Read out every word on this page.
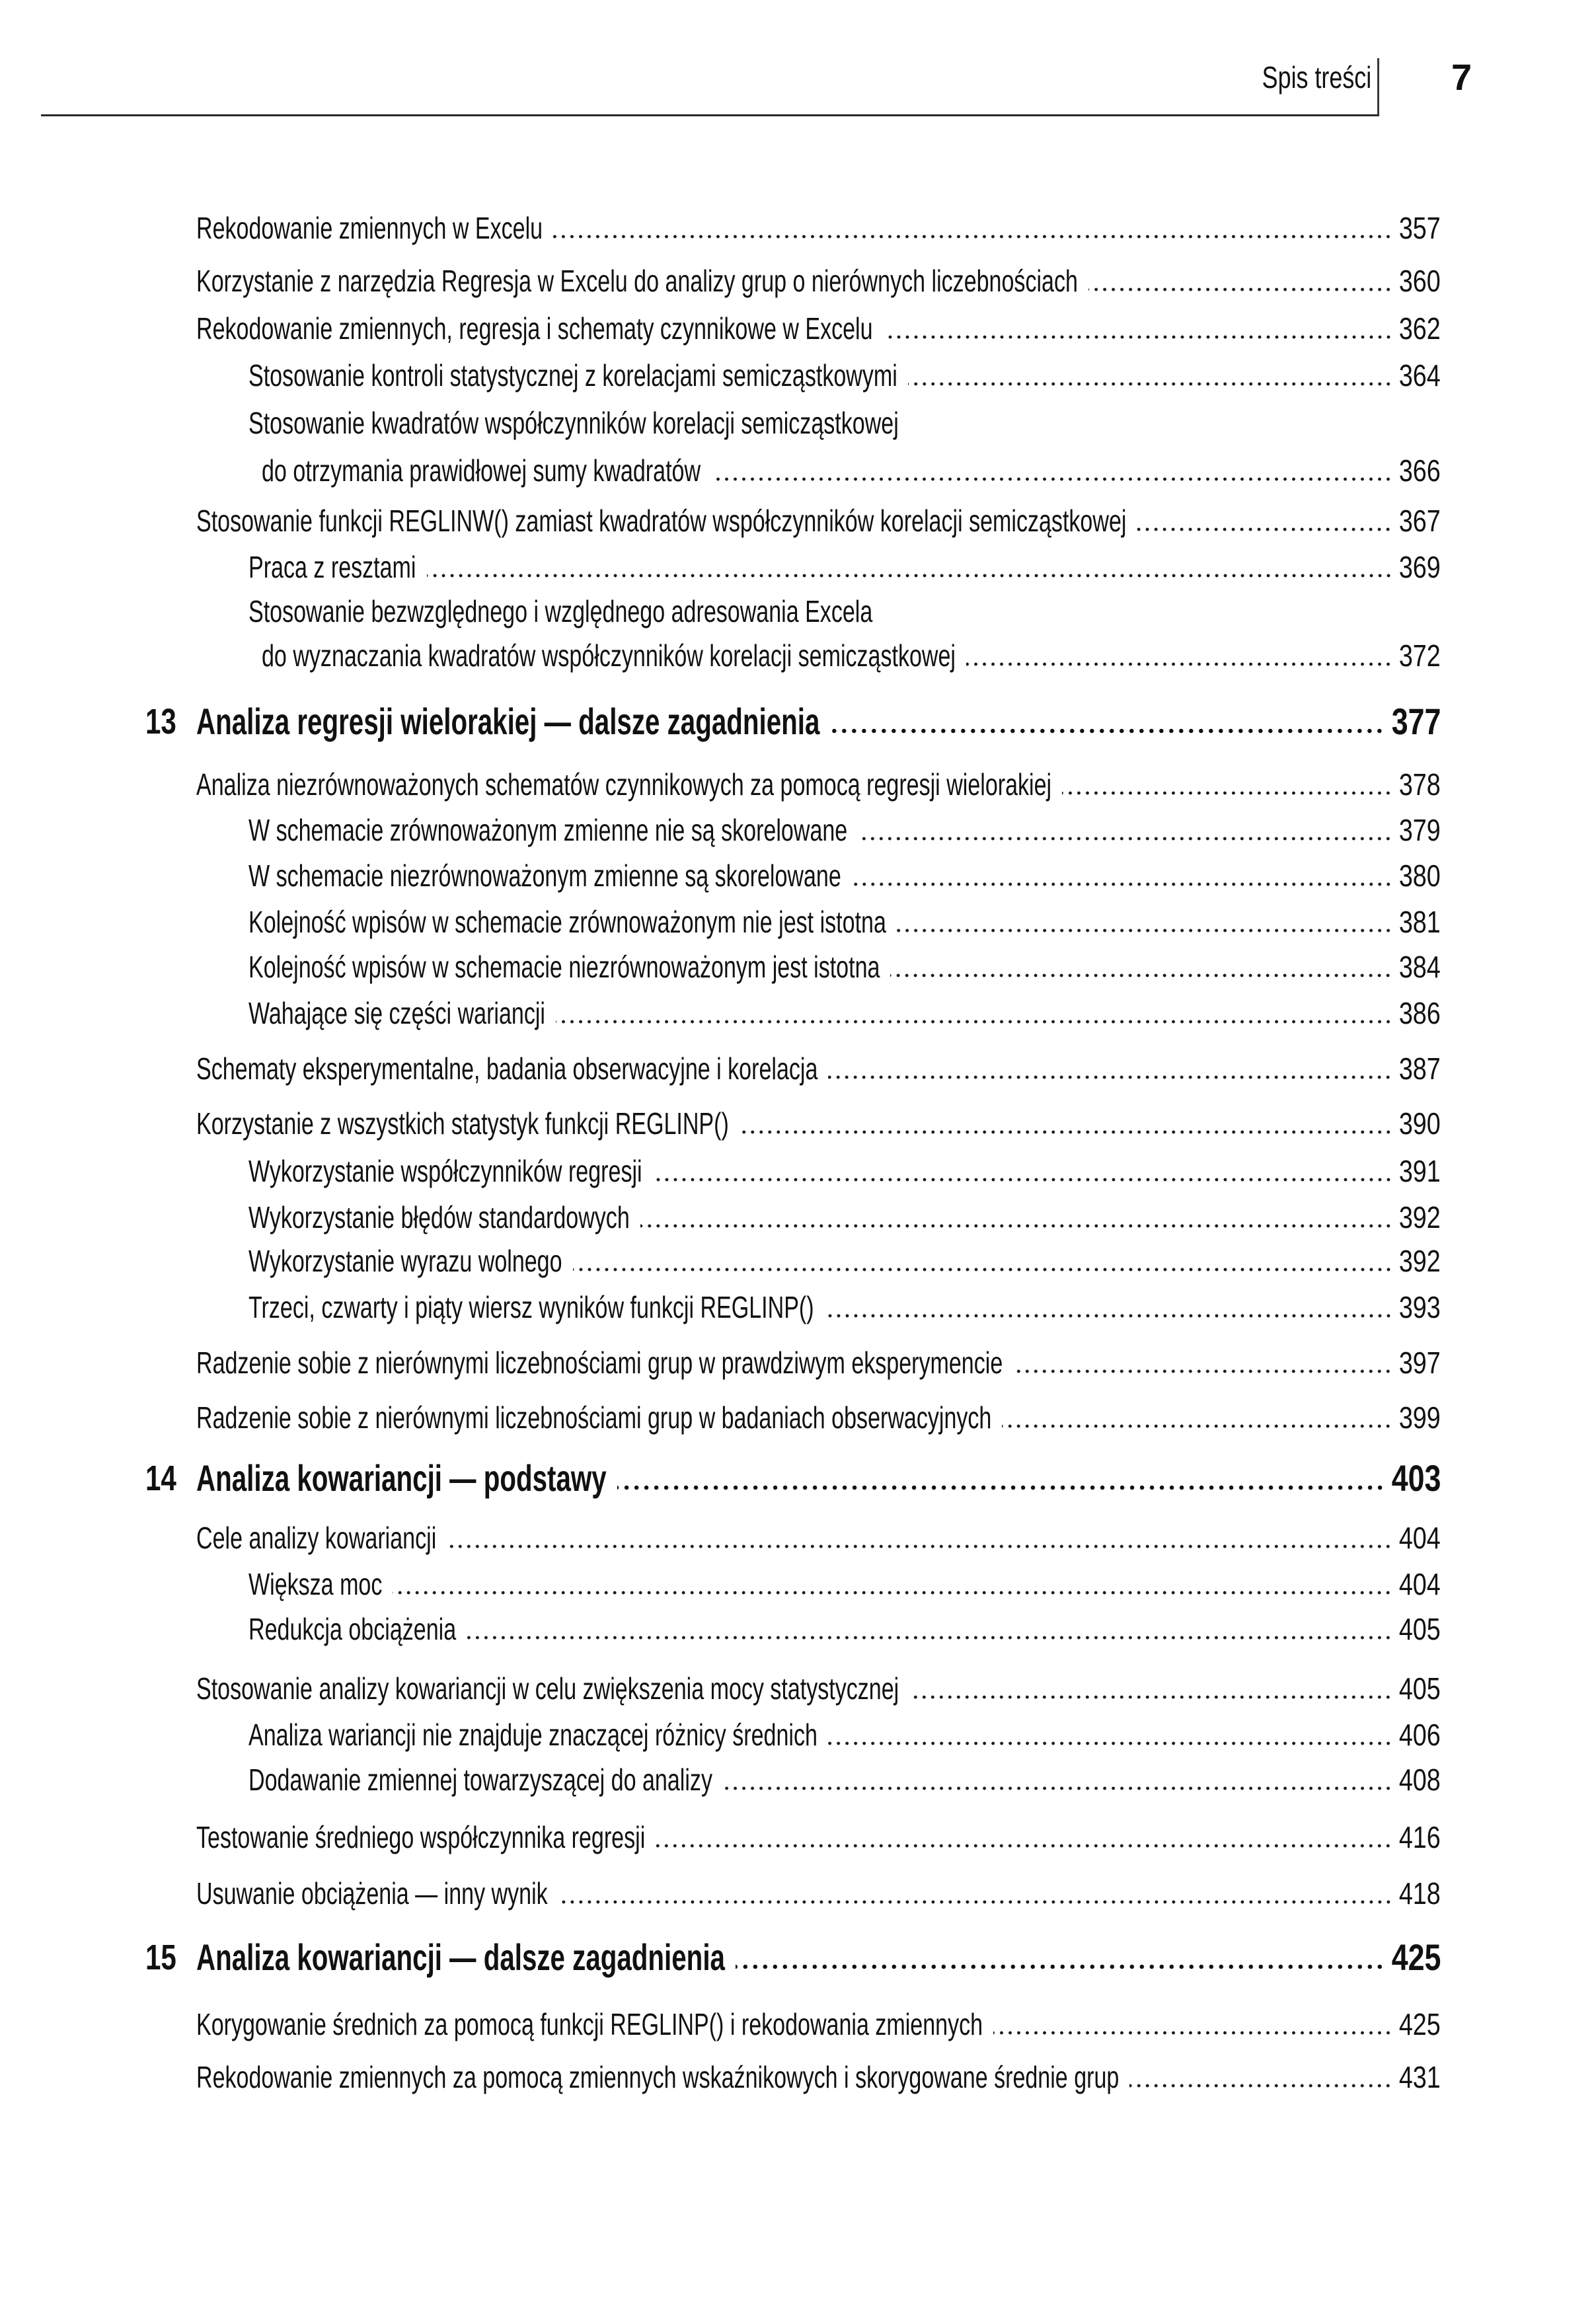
Spis treści 7
Rekodowanie zmiennych w Excelu	357
Korzystanie z narzędzia Regresja w Excelu do analizy grup o nierównych liczebnościach	360
Rekodowanie zmiennych, regresja i schematy czynnikowe w Excelu	362
Stosowanie kontroli statystycznej z korelacjami semicząstkowymi	364
Stosowanie kwadratów współczynników korelacji semicząstkowej
do otrzymania prawidłowej sumy kwadratów	366
Stosowanie funkcji REGLINW() zamiast kwadratów współczynników korelacji semicząstkowej	367
Praca z resztami	369
Stosowanie bezwzględnego i względnego adresowania Excela
do wyznaczania kwadratów współczynników korelacji semicząstkowej	372
13 Analiza regresji wielorakiej — dalsze zagadnienia	377
Analiza niezrównoważonych schematów czynnikowych za pomocą regresji wielorakiej	378
W schemacie zrównoważonym zmienne nie są skorelowane	379
W schemacie niezrównoważonym zmienne są skorelowane	380
Kolejność wpisów w schemacie zrównoważonym nie jest istotna	381
Kolejność wpisów w schemacie niezrównoważonym jest istotna	384
Wahające się części wariancji	386
Schematy eksperymentalne, badania obserwacyjne i korelacja	387
Korzystanie z wszystkich statystyk funkcji REGLINP()	390
Wykorzystanie współczynników regresji	391
Wykorzystanie błędów standardowych	392
Wykorzystanie wyrazu wolnego	392
Trzeci, czwarty i piąty wiersz wyników funkcji REGLINP()	393
Radzenie sobie z nierównymi liczebnościami grup w prawdziwym eksperymencie	397
Radzenie sobie z nierównymi liczebnościami grup w badaniach obserwacyjnych	399
14 Analiza kowariancji — podstawy	403
Cele analizy kowariancji	404
Większa moc	404
Redukcja obciążenia	405
Stosowanie analizy kowariancji w celu zwiększenia mocy statystycznej	405
Analiza wariancji nie znajduje znaczącej różnicy średnich	406
Dodawanie zmiennej towarzyszącej do analizy	408
Testowanie średniego współczynnika regresji	416
Usuwanie obciążenia — inny wynik	418
15 Analiza kowariancji — dalsze zagadnienia	425
Korygowanie średnich za pomocą funkcji REGLINP() i rekodowania zmiennych	425
Rekodowanie zmiennych za pomocą zmiennych wskaźnikowych i skorygowane średnie grup	431
